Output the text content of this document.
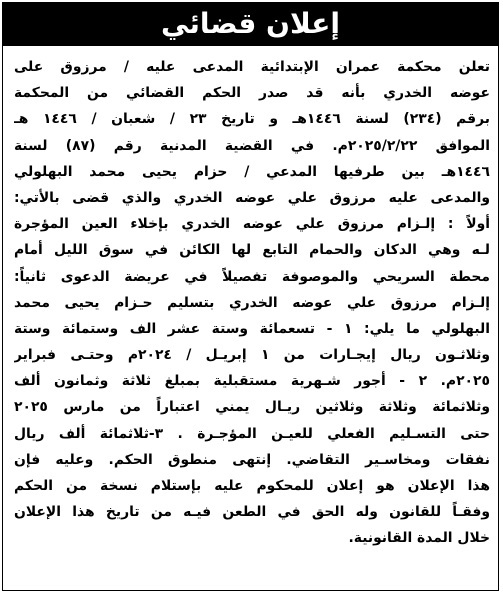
إعلان قضائي
تعلن محكمة عمران الإبتدائية المدعى عليه / مرزوق على
عوضه الخدري بأنه قد صدر الحكم القضائي من المحكمة
برقم (٢٣٤) لسنة ١٤٤٦هـ و تاريخ ٢٣ / شعبان / ١٤٤٦ هـ
الموافق ٢٠٢٥/٢/٢٢م. في القضية المدنية رقم (٨٧) لسنة
١٤٤٦هـ بين طرفيها المدعي / حزام يحيى محمد البهلولي
والمدعى عليه مرزوق علي عوضه الخدري والذي قضى بالأتي:
أولاً : إلـزام مرزوق علي عوضه الخدري بإخلاء العين المؤجرة
لـه وهي الدكان والحمام التابع لها الكائن في سوق الليل أمام
محطة السريحي والموصوفة تفصيلاً في عريضة الدعوى ثانياً:
إلـزام مرزوق علي عوضه الخدري بتسليم حـزام يحيى محمد
البهلولي ما يلي: ١ - تسعمائة وستة عشر الف وستمائة وستة
وثلاثـون ريال إيجـارات من ١ إبريـل / ٢٠٢٤م وحتـى فبراير
٢٠٢٥م. ٢ - أجور شـهرية مستقبلية بمبلغ ثلاثة وثمانون ألف
وثلاثمائة وثلاثة وثلاثين ريـال يمني اعتباراً من مارس ٢٠٢٥
حتى التسـليم الفعلي للعيـن المؤجـرة . ٣-ثلاثمائة ألف ريال
نفقات ومخاسـير التقاضي. إنتهى منطوق الحكم. وعليه فإن
هذا الإعلان هو إعلان للمحكوم عليه بإستلام نسخة من الحكم
وفقـاً للقانون وله الحق في الطعن فيـه من تاريخ هذا الإعلان
خلال المدة القانونية.
